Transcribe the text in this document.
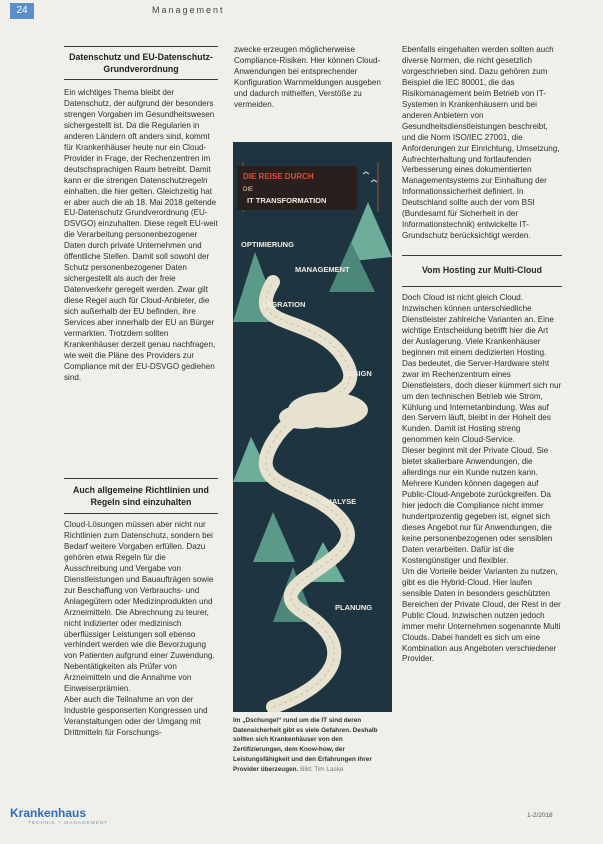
24	Management
Datenschutz und EU-Datenschutz-Grundverordnung

Ein wichtiges Thema bleibt der Datenschutz, der aufgrund der besonders strengen Vorgaben im Gesundheitswesen sichergestellt ist. Da die Regularien in anderen Ländern oft anders sind, kommt für Krankenhäuser heute nur ein Cloud-Provider in Frage, der Rechenzentren im deutschsprachigen Raum betreibt. Damit kann er die strengen Datenschutzregeln einhalten, die hier gelten. Gleichzeitig hat er aber auch die ab 18. Mai 2018 geltende EU-Datenschutz Grundverordnung (EU-DSVGO) einzuhalten. Diese regelt EU-weit die Verarbeitung personenbezogener Daten durch private Unternehmen und öffentliche Stellen. Damit soll sowohl der Schutz personenbezogener Daten sichergestellt als auch der freie Datenverkehr geregelt werden. Zwar gilt diese Regel auch für Cloud-Anbieter, die sich außerhalb der EU befinden, ihre Services aber innerhalb der EU an Bürger vermarkten. Trotzdem sollten Krankenhäuser derzeit genau nachfragen, wie weit die Pläne des Providers zur Compliance mit der EU-DSVGO gediehen sind.

Auch allgemeine Richtlinien und Regeln sind einzuhalten

Cloud-Lösungen müssen aber nicht nur Richtlinien zum Datenschutz, sondern bei Bedarf weitere Vorgaben erfüllen. Dazu gehören etwa Regeln für die Ausschreibung und Vergabe von Dienstleistungen und Bauaufträgen sowie zur Beschaffung von Verbrauchs- und Anlagegütern oder Medizinprodukten und Arzneimitteln. Die Abrechnung zu teurer, nicht indizierter oder medizinisch überflüssiger Leistungen soll ebenso verhindert werden wie die Bevorzugung von Patienten aufgrund einer Zuwendung. Nebentätigkeiten als Prüfer von Arzneimitteln und die Annahme von Einweiserprämien.

Aber auch die Teilnahme an von der Industrie gesponserten Kongressen und Veranstaltungen oder der Umgang mit Drittmitteln für Forschungs-

zwecke erzeugen möglicherweise Compliance-Risiken. Hier können Cloud-Anwendungen bei entsprechender Konfiguration Warnmeldungen ausgeben und dadurch mithelfen, Verstöße zu vermeiden.

DIE REISE DURCH
DIE
IT TRANSFORMATION
OPTIMIERUNG
MANAGEMENT
MIGRATION
DESIGN
ANALYSE
PLANUNG
Im „Dschungel“ rund um die IT sind deren Datensicherheit gibt es viele Gefahren. Deshalb sollten sich Krankenhäuser von den Zertifizierungen, dem Know-how, der Leistungsfähigkeit und den Erfahrungen ihrer Provider überzeugen. Bild: Tim Laske

Ebenfalls eingehalten werden sollten auch diverse Normen, die nicht gesetzlich vorgeschrieben sind. Dazu gehören zum Beispiel die IEC 80001, die das Risikomanagement beim Betrieb von IT-Systemen in Krankenhäusern und bei anderen Anbietern von Gesundheitsdienstleistungen beschreibt, und die Norm ISO/IEC 27001, die Anforderungen zur Einrichtung, Umsetzung, Aufrechterhaltung und fortlaufenden Verbesserung eines dokumentierten Managementsystems zur Einhaltung der Informationssicherheit definiert. In Deutschland sollte auch der vom BSI (Bundesamt für Sicherheit in der Informationstechnik) entwickelte IT-Grundschutz berücksichtigt werden.

Vom Hosting zur Multi-Cloud

Doch Cloud ist nicht gleich Cloud. Inzwischen können unterschiedliche Dienstleister zahlreiche Varianten an. Eine wichtige Entscheidung betrifft hier die Art der Auslagerung. Viele Krankenhäuser beginnen mit einem dedizierten Hosting. Das bedeutet, die Server-Hardware steht zwar im Rechenzentrum eines Dienstleisters, doch dieser kümmert sich nur um den technischen Betrieb wie Strom, Kühlung und Internetanbindung. Was auf den Servern läuft, bleibt in der Hoheit des Kunden. Damit ist Hosting streng genommen kein Cloud-Service.

Dieser beginnt mit der Private Cloud. Sie bietet skalierbare Anwendungen, die allerdings nur ein Kunde nutzen kann. Mehrere Kunden können dagegen auf Public-Cloud-Angebote zurückgreifen. Da hier jedoch die Compliance nicht immer hundertprozentig gegeben ist, eignet sich dieses Angebot nur für Anwendungen, die keine personenbezogenen oder sensiblen Daten verarbeiten. Dafür ist die Kostengünstiger und flexibler.

Um die Vorteile beider Varianten zu nutzen, gibt es die Hybrid-Cloud. Hier laufen sensible Daten in besonders geschützten Bereichen der Private Cloud, der Rest in der Public Cloud. Inzwischen nutzen jedoch immer mehr Unternehmen sogenannte Multi Clouds. Dabei handelt es sich um eine Kombination aus Angeboten verschiedener Provider.

Krankenhaus
TECHNIK + MANAGEMENT
1-2/2018
